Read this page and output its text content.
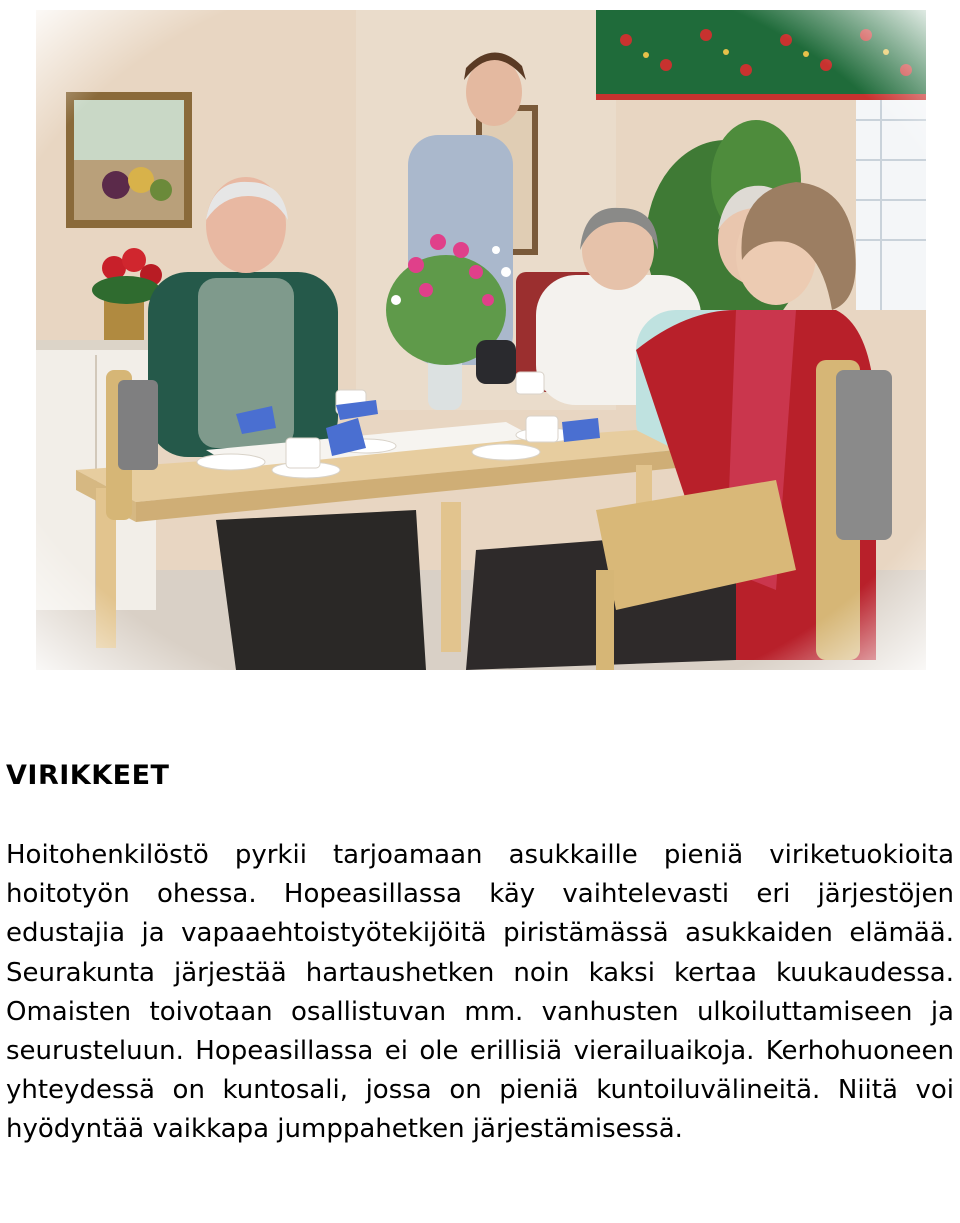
VIRIKKEET

Hoitohenkilöstö pyrkii tarjoamaan asukkaille pieniä viriketuokioita hoitotyön ohessa. Hopeasillassa käy vaihtelevasti eri järjestöjen edustajia ja vapaaehtoistyötekijöitä piristämässä asukkaiden elämää. Seurakunta järjestää hartaushetken noin kaksi kertaa kuukaudessa. Omaisten toivotaan osallistuvan mm. vanhusten ulkoiluttamiseen ja seurusteluun. Hopeasillassa ei ole erillisiä vierailuaikoja. Kerhohuoneen yhteydessä on kuntosali, jossa on pieniä kuntoiluvälineitä. Niitä voi hyödyntää vaikkapa jumppahetken järjestämisessä.
